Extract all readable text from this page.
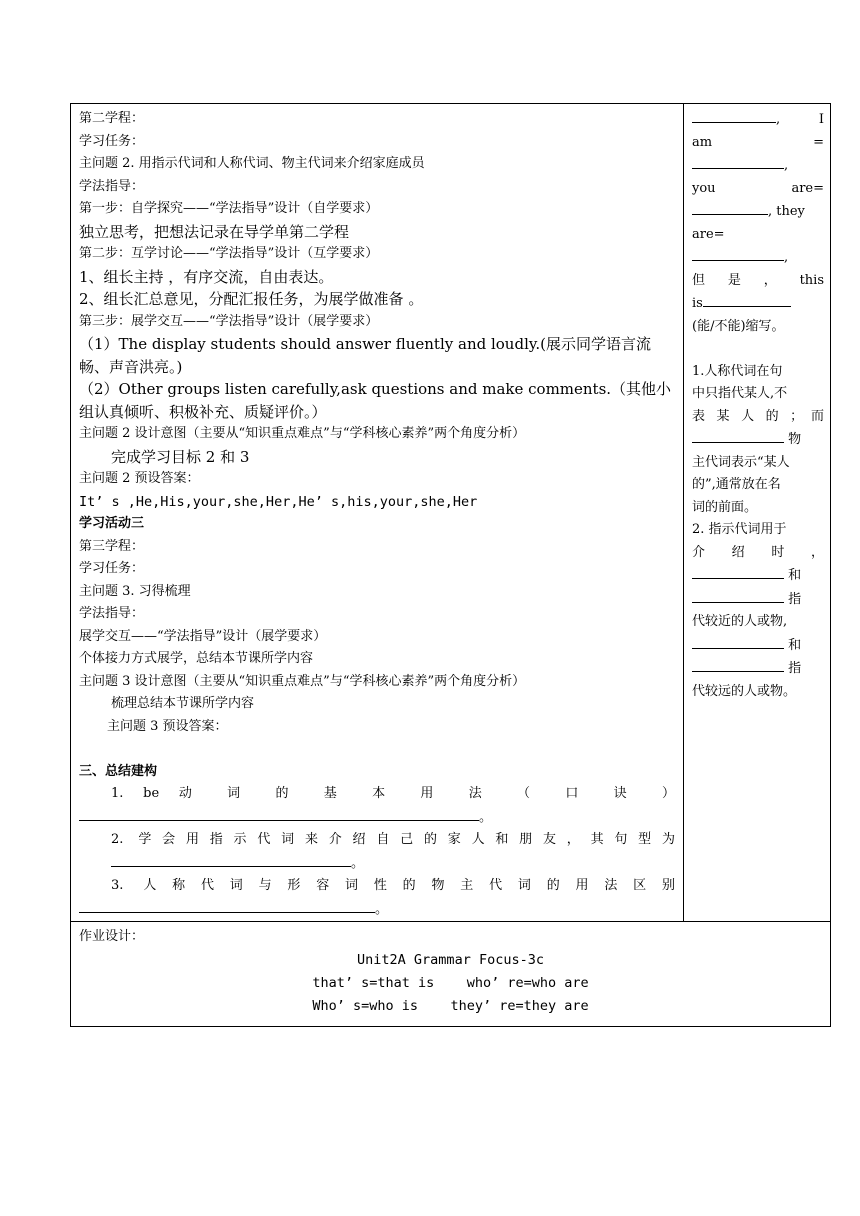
第二学程：
学习任务：
主问题 2. 用指示代词和人称代词、物主代词来介绍家庭成员
学法指导：
第一步：自学探究——“学法指导”设计（自学要求）
独立思考，把想法记录在导学单第二学程
第二步：互学讨论——“学法指导”设计（互学要求）
1、组长主持 ，有序交流，自由表达。
2、组长汇总意见，分配汇报任务，为展学做准备 。
第三步：展学交互——“学法指导”设计（展学要求）
（1）The display students should answer fluently and loudly.(展示同学语言流畅、声音洪亮。)
（2）Other groups listen carefully,ask questions and make comments.（其他小组认真倾听、积极补充、质疑评价。）
主问题 2 设计意图（主要从“知识重点难点”与“学科核心素养”两个角度分析）
完成学习目标 2 和 3
主问题 2 预设答案：
It’ s ,He,His,your,she,Her,He’ s,his,your,she,Her
学习活动三
第三学程：
学习任务：
主问题 3. 习得梳理
学法指导：
展学交互——“学法指导”设计（展学要求）
个体接力方式展学，总结本节课所学内容
主问题 3 设计意图（主要从“知识重点难点”与“学科核心素养”两个角度分析）
梳理总结本节课所学内容
主问题 3 预设答案：
三、总结建构
1. be 动 词 的 基 本 用 法 （ 口 诀 ）
。
2. 学会用指示代词来介绍自己的家人和朋友，其句型为
。
3. 人称代词与形容词性的物主代词的用法区别
。

, I
am =
,
you are=
, they
are=
,
但 是 ， this
is
(能/不能)缩写。
1.人称代词在句
中只指代某人,不
表 某 人 的 ； 而
物
主代词表示“某人
的”,通常放在名
词的前面。
2. 指示代词用于
介 绍 时 ，
和
指
代较近的人或物,
和
指
代较远的人或物。

作业设计：
Unit2A Grammar Focus-3c
that’ s=that is    who’ re=who are
Who’ s=who is    they’ re=they are
